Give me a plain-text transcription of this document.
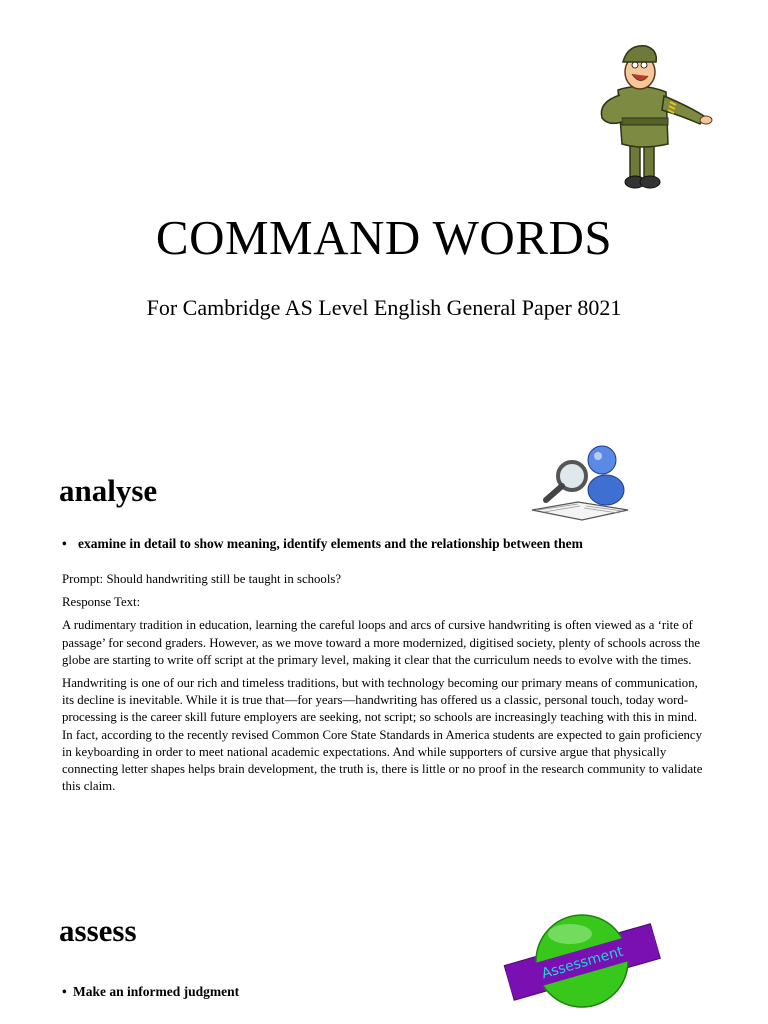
COMMAND WORDS
For Cambridge AS Level English General Paper 8021
analyse
• examine in detail to show meaning, identify elements and the relationship between them

Prompt: Should handwriting still be taught in schools?

Response Text:

A rudimentary tradition in education, learning the careful loops and arcs of cursive handwriting is often viewed as a ‘rite of passage’ for second graders. However, as we move toward a more modernized, digitised society, plenty of schools across the globe are starting to write off script at the primary level, making it clear that the curriculum needs to evolve with the times.

Handwriting is one of our rich and timeless traditions, but with technology becoming our primary means of communication, its decline is inevitable. While it is true that—for years—handwriting has offered us a classic, personal touch, today word-processing is the career skill future employers are seeking, not script; so schools are increasingly teaching with this in mind. In fact, according to the recently revised Common Core State Standards in America students are expected to gain proficiency in keyboarding in order to meet national academic expectations. And while supporters of cursive argue that physically connecting letter shapes helps brain development, the truth is, there is little or no proof in the research community to validate this claim.

assess
Assessment
• Make an informed judgment
